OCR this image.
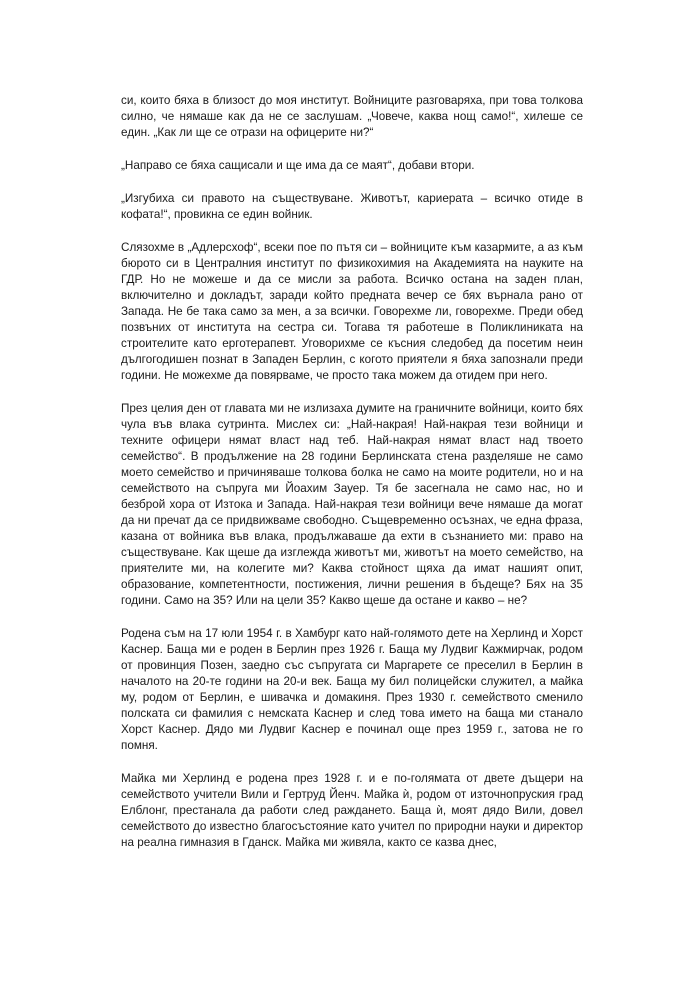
си, които бяха в близост до моя институт. Войниците разговаряха, при това толкова силно, че нямаше как да не се заслушам. „Човече, каква нощ само!“, хилеше се един. „Как ли ще се отрази на офицерите ни?“

„Направо се бяха сащисали и ще има да се маят“, добави втори.

„Изгубиха си правото на съществуване. Животът, кариерата – всичко отиде в кофата!“, провикна се един войник.

Слязохме в „Адлерсхоф“, всеки пое по пътя си – войниците към казармите, а аз към бюрото си в Централния институт по физикохимия на Академията на науките на ГДР. Но не можеше и да се мисли за работа. Всичко остана на заден план, включително и докладът, заради който предната вечер се бях върнала рано от Запада. Не бе така само за мен, а за всички. Говорехме ли, говорехме. Преди обед позвъних от института на сестра си. Тогава тя работеше в Поликлиниката на строителите като ерготерапевт. Уговорихме се късния следобед да посетим неин дългогодишен познат в Западен Берлин, с когото приятели я бяха запознали преди години. Не можехме да повярваме, че просто така можем да отидем при него.

През целия ден от главата ми не излизаха думите на граничните войници, които бях чула във влака сутринта. Мислех си: „Най-накрая! Най-накрая тези войници и техните офицери нямат власт над теб. Най-накрая нямат власт над твоето семейство“. В продължение на 28 години Берлинската стена разделяше не само моето семейство и причиняваше толкова болка не само на моите родители, но и на семейството на съпруга ми Йоахим Зауер. Тя бе засегнала не само нас, но и безброй хора от Изтока и Запада. Най-накрая тези войници вече нямаше да могат да ни пречат да се придвижваме свободно. Същевременно осъзнах, че една фраза, казана от войника във влака, продължаваше да ехти в съзнанието ми: право на съществуване. Как щеше да изглежда животът ми, животът на моето семейство, на приятелите ми, на колегите ми? Каква стойност щяха да имат нашият опит, образование, компетентности, постижения, лични решения в бъдеще? Бях на 35 години. Само на 35? Или на цели 35? Какво щеше да остане и какво – не?

Родена съм на 17 юли 1954 г. в Хамбург като най-голямото дете на Херлинд и Хорст Каснер. Баща ми е роден в Берлин през 1926 г. Баща му Лудвиг Кажмирчак, родом от провинция Позен, заедно със съпругата си Маргарете се преселил в Берлин в началото на 20-те години на 20-и век. Баща му бил полицейски служител, а майка му, родом от Берлин, е шивачка и домакиня. През 1930 г. семейството сменило полската си фамилия с немската Каснер и след това името на баща ми станало Хорст Каснер. Дядо ми Лудвиг Каснер е починал още през 1959 г., затова не го помня.

Майка ми Херлинд е родена през 1928 г. и е по-голямата от двете дъщери на семейството учители Вили и Гертруд Йенч. Майка ѝ, родом от източнопруския град Елблонг, престанала да работи след раждането. Баща ѝ, моят дядо Вили, довел семейството до известно благосъстояние като учител по природни науки и директор на реална гимназия в Гданск. Майка ми живяла, както се казва днес,
